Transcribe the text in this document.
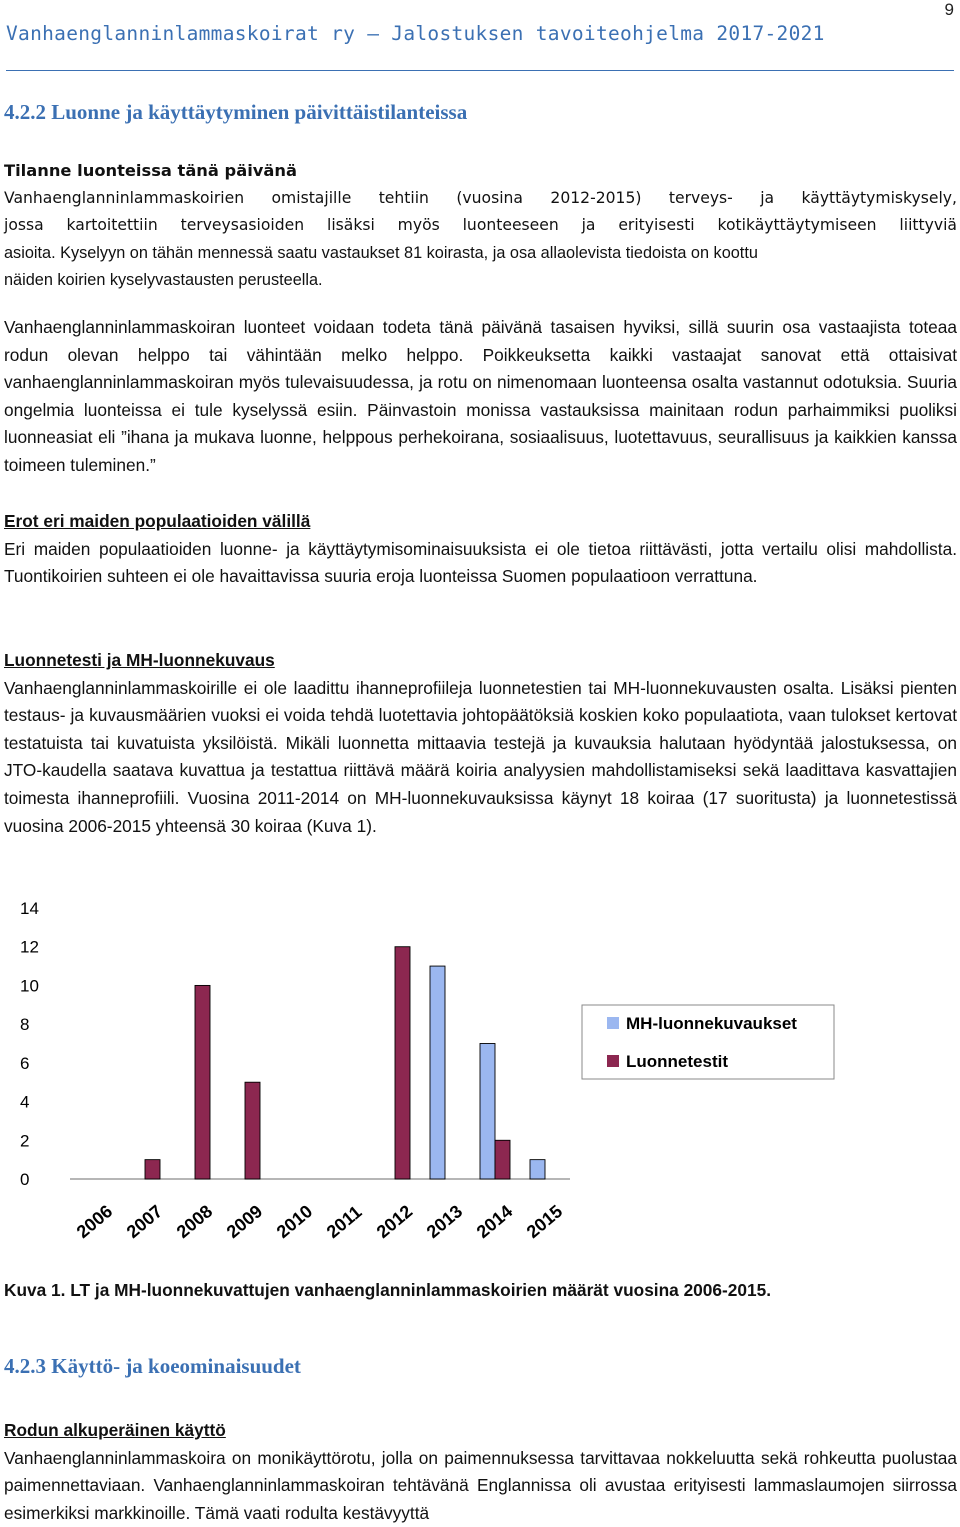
9
Vanhaenglanninlammaskoirat ry – Jalostuksen tavoiteohjelma 2017-2021
4.2.2 Luonne ja käyttäytyminen päivittäistilanteissa
Tilanne luonteissa tänä päivänä
Vanhaenglanninlammaskoirien omistajille tehtiin (vuosina 2012-2015) terveys- ja käyttäytymiskysely,
jossa kartoitettiin terveysasioiden lisäksi myös luonteeseen ja erityisesti kotikäyttäytymiseen liittyviä
asioita. Kyselyyn on tähän mennessä saatu vastaukset 81 koirasta, ja osa allaolevista tiedoista on koottu
näiden koirien kyselyvastausten perusteella.

Vanhaenglanninlammaskoiran luonteet voidaan todeta tänä päivänä tasaisen hyviksi, sillä suurin osa vastaajista toteaa rodun olevan helppo tai vähintään melko helppo. Poikkeuksetta kaikki vastaajat sanovat että ottaisivat vanhaenglanninlammaskoiran myös tulevaisuudessa, ja rotu on nimenomaan luonteensa osalta vastannut odotuksia. Suuria ongelmia luonteissa ei tule kyselyssä esiin. Päinvastoin monissa vastauksissa mainitaan rodun parhaimmiksi puoliksi luonneasiat eli ”ihana ja mukava luonne, helppous perhekoirana, sosiaalisuus, luotettavuus, seurallisuus ja kaikkien kanssa toimeen tuleminen.”

Erot eri maiden populaatioiden välillä

Eri maiden populaatioiden luonne- ja käyttäytymisominaisuuksista ei ole tietoa riittävästi, jotta vertailu olisi mahdollista. Tuontikoirien suhteen ei ole havaittavissa suuria eroja luonteissa Suomen populaatioon verrattuna.

Luonnetesti ja MH-luonnekuvaus

Vanhaenglanninlammaskoirille ei ole laadittu ihanneprofiileja luonnetestien tai MH-luonnekuvausten osalta. Lisäksi pienten testaus- ja kuvausmäärien vuoksi ei voida tehdä luotettavia johtopäätöksiä koskien koko populaatiota, vaan tulokset kertovat testatuista tai kuvatuista yksilöistä. Mikäli luonnetta mittaavia testejä ja kuvauksia halutaan hyödyntää jalostuksessa, on JTO-kaudella saatava kuvattua ja testattua riittävä määrä koiria analyysien mahdollistamiseksi sekä laadittava kasvattajien toimesta ihanneprofiili. Vuosina 2011-2014 on MH-luonnekuvauksissa käynyt 18 koiraa (17 suoritusta) ja luonnetestissä vuosina 2006-2015 yhteensä 30 koiraa (Kuva 1).

0
2
4
6
8
10
12
14
2006 2007 2008 2009 2010 2011 2012 2013 2014 2015
MH-luonnekuvaukset
Luonnetestit
Kuva 1. LT ja MH-luonnekuvattujen vanhaenglanninlammaskoirien määrät vuosina 2006-2015.
4.2.3 Käyttö- ja koeominaisuudet
Rodun alkuperäinen käyttö

Vanhaenglanninlammaskoira on monikäyttörotu, jolla on paimennuksessa tarvittavaa nokkeluutta sekä rohkeutta puolustaa paimennettaviaan. Vanhaenglanninlammaskoiran tehtävänä Englannissa oli avustaa erityisesti lammaslaumojen siirrossa esimerkiksi markkinoille. Tämä vaati rodulta kestävyyttä
